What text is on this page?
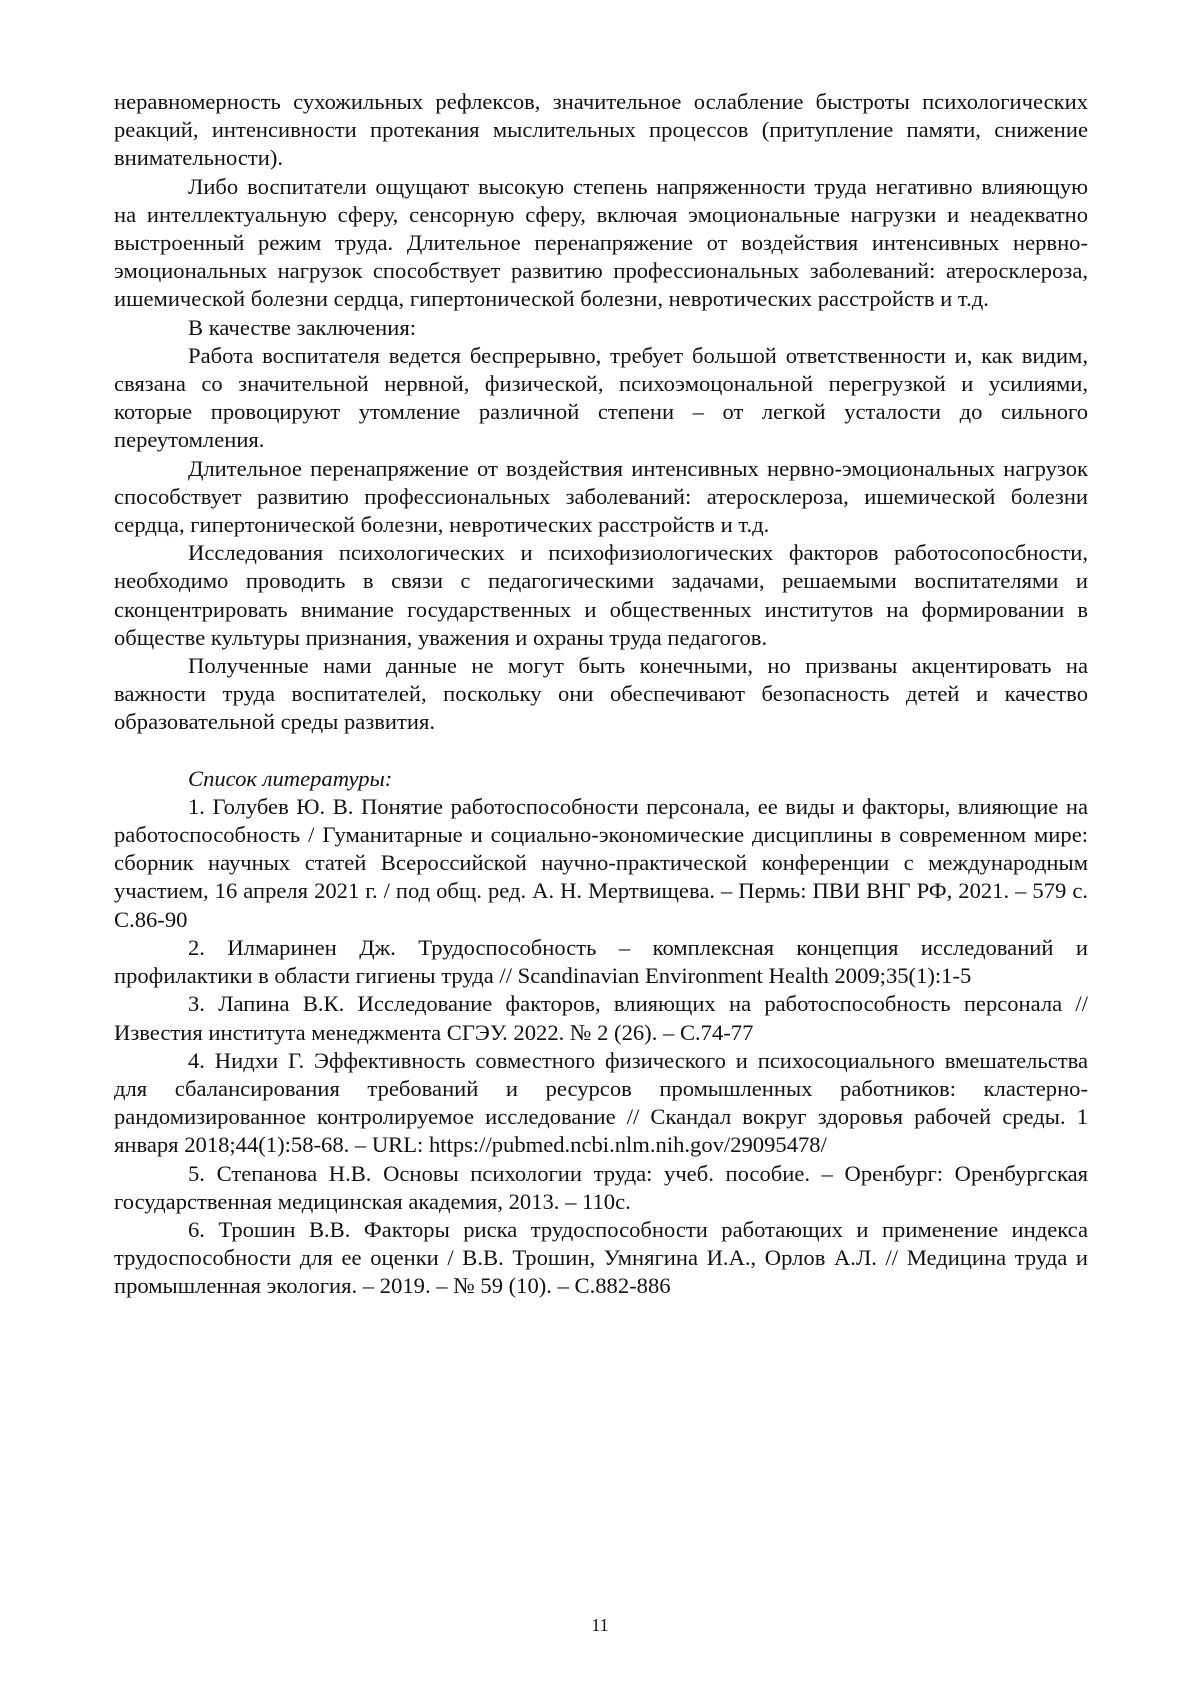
неравномерность сухожильных рефлексов, значительное ослабление быстроты психологических реакций, интенсивности протекания мыслительных процессов (притупление памяти, снижение внимательности).

Либо воспитатели ощущают высокую степень напряженности труда негативно влияющую на интеллектуальную сферу, сенсорную сферу, включая эмоциональные нагрузки и неадекватно выстроенный режим труда. Длительное перенапряжение от воздействия интенсивных нервно-эмоциональных нагрузок способствует развитию профессиональных заболеваний: атеросклероза, ишемической болезни сердца, гипертонической болезни, невротических расстройств и т.д.

В качестве заключения:

Работа воспитателя ведется беспрерывно, требует большой ответственности и, как видим, связана со значительной нервной, физической, психоэмоцональной перегрузкой и усилиями, которые провоцируют утомление различной степени – от легкой усталости до сильного переутомления.

Длительное перенапряжение от воздействия интенсивных нервно-эмоциональных нагрузок способствует развитию профессиональных заболеваний: атеросклероза, ишемической болезни сердца, гипертонической болезни, невротических расстройств и т.д.

Исследования психологических и психофизиологических факторов работосопосбности, необходимо проводить в связи с педагогическими задачами, решаемыми воспитателями и сконцентрировать внимание государственных и общественных институтов на формировании в обществе культуры признания, уважения и охраны труда педагогов.

Полученные нами данные не могут быть конечными, но призваны акцентировать на важности труда воспитателей, поскольку они обеспечивают безопасность детей и качество образовательной среды развития.

Список литературы:

1. Голубев Ю. В. Понятие работоспособности персонала, ее виды и факторы, влияющие на работоспособность / Гуманитарные и социально-экономические дисциплины в современном мире: сборник научных статей Всероссийской научно-практической конференции с международным участием, 16 апреля 2021 г. / под общ. ред. А. Н. Мертвищева. – Пермь: ПВИ ВНГ РФ, 2021. – 579 с. С.86-90
2. Илмаринен Дж. Трудоспособность – комплексная концепция исследований и профилактики в области гигиены труда // Scandinavian Environment Health 2009;35(1):1-5
3. Лапина В.К. Исследование факторов, влияющих на работоспособность персонала // Известия института менеджмента СГЭУ. 2022. № 2 (26). – С.74-77
4. Нидхи Г. Эффективность совместного физического и психосоциального вмешательства для сбалансирования требований и ресурсов промышленных работников: кластерно-рандомизированное контролируемое исследование // Скандал вокруг здоровья рабочей среды. 1 января 2018;44(1):58-68. – URL: https://pubmed.ncbi.nlm.nih.gov/29095478/
5. Степанова Н.В. Основы психологии труда: учеб. пособие. – Оренбург: Оренбургская государственная медицинская академия, 2013. – 110с.
6. Трошин В.В. Факторы риска трудоспособности работающих и применение индекса трудоспособности для ее оценки / В.В. Трошин, Умнягина И.А., Орлов А.Л. // Медицина труда и промышленная экология. – 2019. – № 59 (10). – С.882-886
11
